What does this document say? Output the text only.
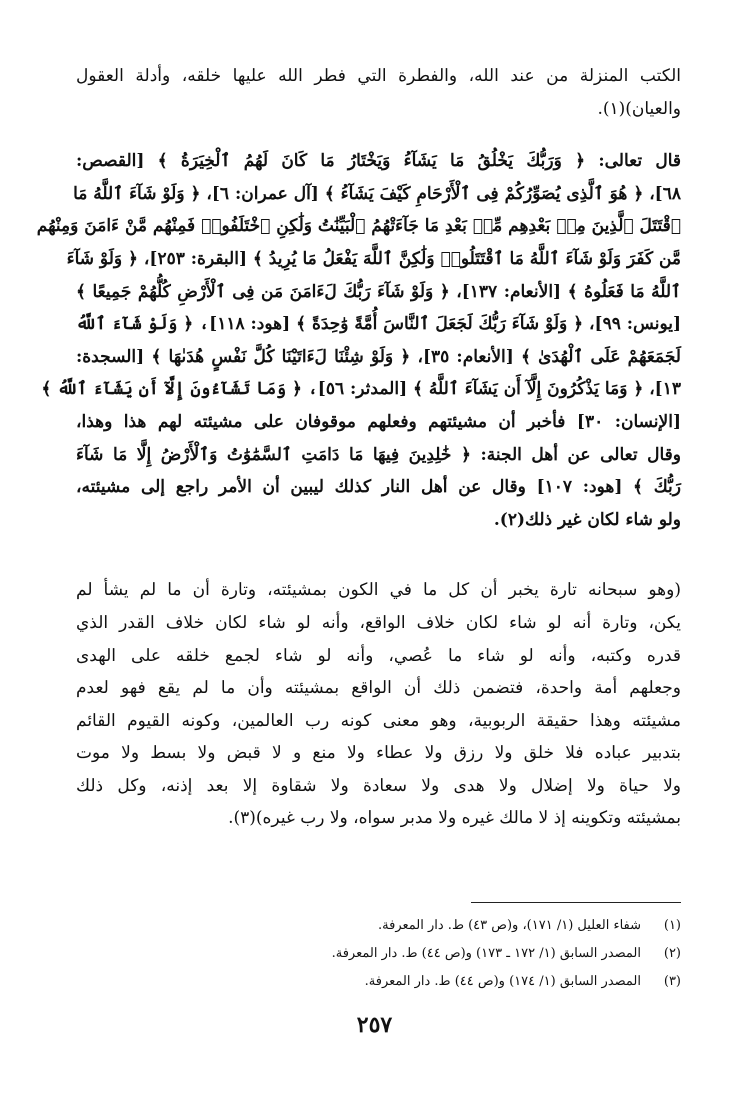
الكتب المنزلة من عند الله، والفطرة التي فطر الله عليها خلقه، وأدلة العقول
والعيان)(١).
قال تعالى: ﴿ وَرَبُّكَ يَخْلُقُ مَا يَشَآءُ وَيَخْتَارُ مَا كَانَ لَهُمُ ٱلْخِيَرَةُ ﴾ [القصص:
٦٨]، ﴿ هُوَ ٱلَّذِى يُصَوِّرُكُمْ فِى ٱلْأَرْحَامِ كَيْفَ يَشَآءُ ﴾ [آل عمران: ٦]، ﴿ وَلَوْ شَآءَ ٱللَّهُ مَا
ٱقْتَتَلَ ٱلَّذِينَ مِنۢ بَعْدِهِم مِّنۢ بَعْدِ مَا جَآءَتْهُمُ ٱلْبَيِّنَٰتُ وَلَٰكِنِ ٱخْتَلَفُوا۟ فَمِنْهُم مَّنْ ءَامَنَ وَمِنْهُم
مَّن كَفَرَ وَلَوْ شَآءَ ٱللَّهُ مَا ٱقْتَتَلُوا۟ وَلَٰكِنَّ ٱللَّهَ يَفْعَلُ مَا يُرِيدُ ﴾ [البقرة: ٢٥٣]، ﴿ وَلَوْ شَآءَ
ٱللَّهُ مَا فَعَلُوهُ ﴾ [الأنعام: ١٣٧]، ﴿ وَلَوْ شَآءَ رَبُّكَ لَءَامَنَ مَن فِى ٱلْأَرْضِ كُلُّهُمْ جَمِيعًا ﴾
[يونس: ٩٩]، ﴿ وَلَوْ شَآءَ رَبُّكَ لَجَعَلَ ٱلنَّاسَ أُمَّةً وَٰحِدَةً ﴾ [هود: ١١٨]، ﴿ وَلَوْ شَآءَ ٱللَّهُ
لَجَمَعَهُمْ عَلَى ٱلْهُدَىٰ ﴾ [الأنعام: ٣٥]، ﴿ وَلَوْ شِئْنَا لَءَاتَيْنَا كُلَّ نَفْسٍ هُدَىٰهَا ﴾ [السجدة:
١٣]، ﴿ وَمَا يَذْكُرُونَ إِلَّآ أَن يَشَآءَ ٱللَّهُ ﴾ [المدثر: ٥٦]، ﴿ وَمَا تَشَآءُونَ إِلَّآ أَن يَشَآءَ ٱللَّهُ ﴾
[الإنسان: ٣٠] فأخبر أن مشيئتهم وفعلهم موقوفان على مشيئته لهم هذا وهذا،
وقال تعالى عن أهل الجنة: ﴿ خَٰلِدِينَ فِيهَا مَا دَامَتِ ٱلسَّمَٰوَٰتُ وَٱلْأَرْضُ إِلَّا مَا شَآءَ
رَبُّكَ ﴾ [هود: ١٠٧] وقال عن أهل النار كذلك ليبين أن الأمر راجع إلى مشيئته،
ولو شاء لكان غير ذلك(٢).
(وهو سبحانه تارة يخبر أن كل ما في الكون بمشيئته، وتارة أن ما لم يشأ لم
يكن، وتارة أنه لو شاء لكان خلاف الواقع، وأنه لو شاء لكان خلاف القدر الذي
قدره وكتبه، وأنه لو شاء ما عُصي، وأنه لو شاء لجمع خلقه على الهدى
وجعلهم أمة واحدة، فتضمن ذلك أن الواقع بمشيئته وأن ما لم يقع فهو لعدم
مشيئته وهذا حقيقة الربوبية، وهو معنى كونه رب العالمين، وكونه القيوم القائم
بتدبير عباده فلا خلق ولا رزق ولا عطاء ولا منع و لا قبض ولا بسط ولا موت
ولا حياة ولا إضلال ولا هدى ولا سعادة ولا شقاوة إلا بعد إذنه، وكل ذلك
بمشيئته وتكوينه إذ لا مالك غيره ولا مدبر سواه، ولا رب غيره)(٣).
(١)
شفاء العليل (١/ ١٧١)، و(ص ٤٣) ط. دار المعرفة.
(٢)
المصدر السابق (١/ ١٧٢ ـ ١٧٣) و(ص ٤٤) ط. دار المعرفة.
(٣)
المصدر السابق (١/ ١٧٤) و(ص ٤٤) ط. دار المعرفة.
٢٥٧
